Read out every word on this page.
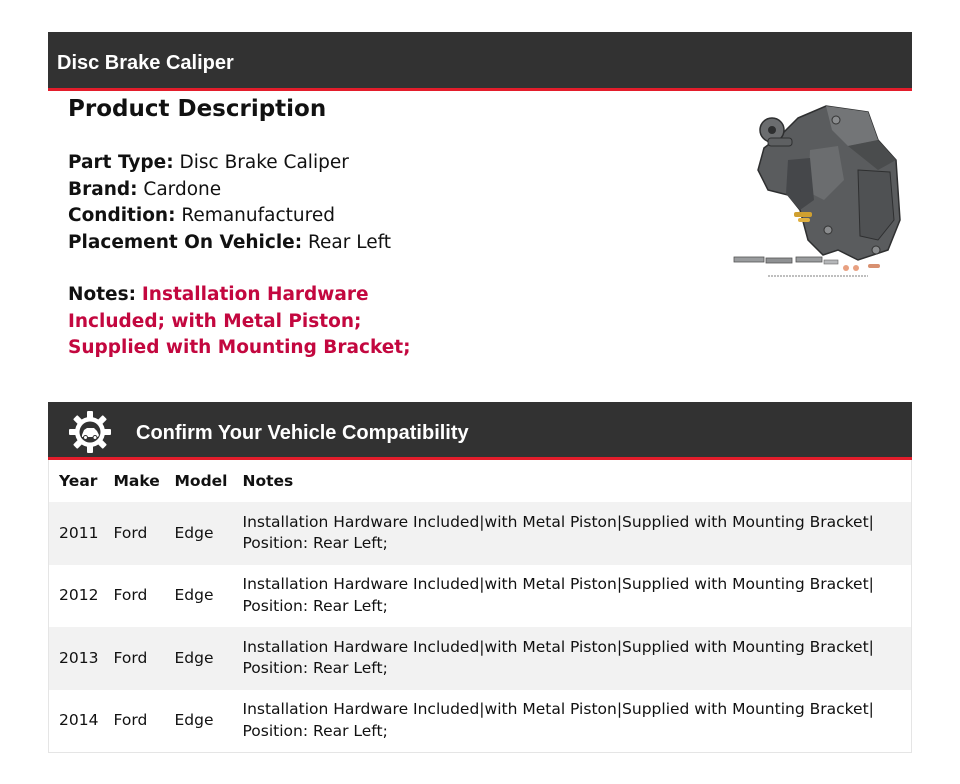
Disc Brake Caliper
Product Description
Part Type: Disc Brake Caliper
Brand: Cardone
Condition: Remanufactured
Placement On Vehicle: Rear Left
Notes: Installation Hardware Included; with Metal Piston; Supplied with Mounting Bracket;
Confirm Your Vehicle Compatibility
Year	Make	Model	Notes
2011	Ford	Edge	Installation Hardware Included|with Metal Piston|Supplied with Mounting Bracket| Position: Rear Left;
2012	Ford	Edge	Installation Hardware Included|with Metal Piston|Supplied with Mounting Bracket| Position: Rear Left;
2013	Ford	Edge	Installation Hardware Included|with Metal Piston|Supplied with Mounting Bracket| Position: Rear Left;
2014	Ford	Edge	Installation Hardware Included|with Metal Piston|Supplied with Mounting Bracket| Position: Rear Left;
